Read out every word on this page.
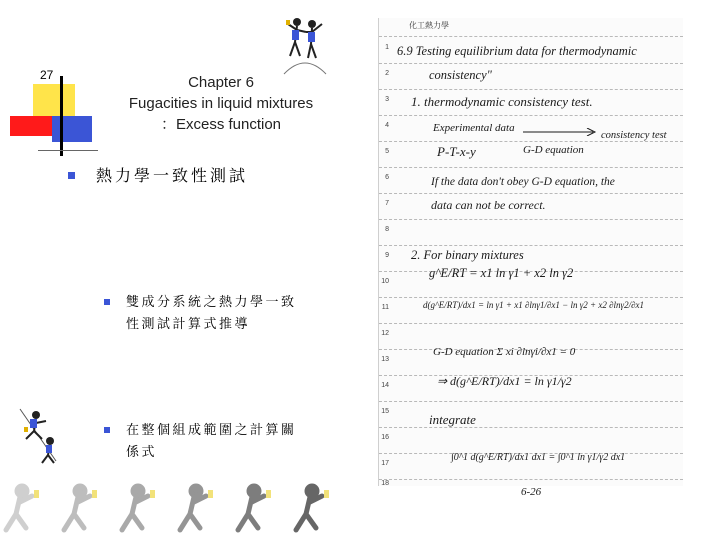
27	Chapter 6
Fugacities in liquid mixtures
：Excess function
熱力學一致性測試
雙成分系統之熱力學一致
性測試計算式推導
在整個組成範圍之計算關
係式
化工熱力學
1
2
3
4
5
6
7
8
9
10
11
12
13
14
15
16
17
18
6.9 Testing equilibrium data for thermodynamic
consistency"
1. thermodynamic consistency test.
Experimental data
consistency test
P-T-x-y	G-D equation
If the data don't obey G-D equation, the
data can not be correct.
2. For binary mixtures
g^E/RT = x1 ln γ1 + x2 ln γ2
d(g^E/RT)/dx1 = ln γ1 + x1 ∂lnγ1/∂x1 − ln γ2 + x2 ∂lnγ2/∂x1
G-D equation Σ xi ∂lnγi/∂x1 = 0
⇒ d(g^E/RT)/dx1 = ln γ1/γ2
integrate
∫0^1 d(g^E/RT)/dx1 dx1 = ∫0^1 ln γ1/γ2 dx1
6-26
